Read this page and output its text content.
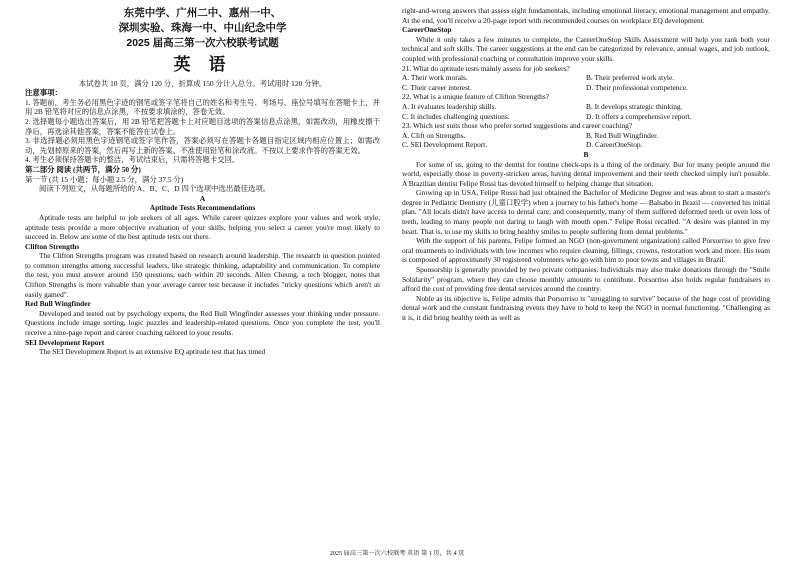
东莞中学、广州二中、惠州一中、
深圳实验、珠海一中、中山纪念中学
2025 届高三第一次六校联考试题
英 语

本试卷共 10 页，满分 120 分，折算成 150 分计入总分。考试用时 120 分钟。

注意事项：

1. 答题前，考生务必用黑色字迹的钢笔或签字笔将自己的姓名和考生号、考场号、座位号填写在答题卡上，并用 2B 铅笔将对应的信息点涂黑，不按要求填涂的，答卷无效。

2. 选择题每小题选出答案后，用 2B 铅笔把答题卡上对应题目选项的答案信息点涂黑，如需改动，用橡皮擦干净后，再选涂其他答案，答案不能答在试卷上。

3. 非选择题必须用黑色字迹钢笔或签字笔作答，答案必须写在答题卡各题目指定区域内相应位置上；如需改动，先划掉原来的答案，然后再写上新的答案，不准使用铅笔和涂改液。不按以上要求作答的答案无效。

4. 考生必须保持答题卡的整洁，考试结束后，只需将答题卡交回。

第二部分 阅读 (共两节，满分 50 分)

第一节 (共 15 小题；每小题 2.5 分，满分 37.5 分)

阅读下列短文，从每题所给的 A、B、C、D 四个选项中选出最佳选项。

A

Aptitude Tests Recommendations

Aptitude tests are helpful to job seekers of all ages. While career quizzes explore your values and work style, aptitude tests provide a more objective evaluation of your skills, helping you select a career you're most likely to succeed in. Below are some of the best aptitude tests out there.

Clifton Strengths

The Clifton Strengths program was created based on research around leadership. The research in question pointed to common strengths among successful leaders, like strategic thinking, adaptability and communication. To complete the test, you must answer around 150 questions, each within 20 seconds. Allen Cheung, a tech blogger, notes that Clifton Strengths is more valuable than your average career test because it includes "tricky questions which aren't as easily gamed".

Red Bull Wingfinder

Developed and tested out by psychology experts, the Red Bull Wingfinder assesses your thinking under pressure. Questions include image sorting, logic puzzles and leadership-related questions. Once you complete the test, you'll receive a nine-page report and career coaching tailored to your results.

SEI Development Report

The SEI Development Report is an extensive EQ aptitude test that has timed

right-and-wrong answers that assess eight fundamentals, including emotional literacy, emotional management and empathy. At the end, you'll receive a 20-page report with recommended courses on workplace EQ development.

CareerOneStop

While it only takes a few minutes to complete, the CareerOneStop Skills Assessment will help you rank both your technical and soft skills. The career suggestions at the end can be categorized by relevance, annual wages, and job outlook, coupled with professional coaching or consultation improve your skills.

21. What do aptitude tests mainly assess for job seekers?

A. Their work morals.	B. Their preferred work style.
C. Their career interest.	D. Their professional competence.

22. What is a unique feature of Clifton Strengths?

A. It evaluates leadership skills.	B. It develops strategic thinking.
C. It includes challenging questions.	D. It offers a comprehensive report.

23. Which test suits those who prefer sorted suggestions and career coaching?

A. Clift on Strengths.	B. Red Bull Wingfinder.
C. SEI Development Report.	D. CareerOneStop.

B

For some of us, going to the dentist for routine check-ups is a thing of the ordinary. But for many people around the world, especially those in poverty-stricken areas, having dental improvement and their teeth checked simply isn't possible. A Brazilian dentist Felipe Rossi has devoted himself to helping change that situation.

Growing up in USA, Felipe Rossi had just obtained the Bachelor of Medicine Degree and was about to start a master's degree in Pediatric Dentistry (儿童口腔学) when a journey to his father's home — Balsabo in Brazil — converted his initial plan. "All locals didn't have access to dental care, and consequently, many of them suffered deformed teeth or even loss of teeth, leading to many people not daring to laugh with mouth open." Felipe Rossi recalled. "A desire was planted in my heart. That is, to use my skills to bring healthy smiles to people suffering from dental problems."

With the support of his parents, Felipe formed an NGO (non-government organization) called Porsorriso to give free oral treatments to individuals with low incomes who require cleaning, fillings, crowns, restoration work and more. His team is composed of approximately 30 registered volunteers who go with him to poor towns and villages in Brazil.

Sponsorship is generally provided by two private companies. Individuals may also make donations through the "Smile Solidarity" program, where they can choose monthly amounts to contribute. Porsorriso also holds regular fundraisers to afford the cost of providing free dental services around the country.

Noble as its objective is, Felipe admits that Porsorriso is "struggling to survive" because of the huge cost of providing dental work and the constant fundraising events they have to hold to keep the NGO in normal functioning. "Challenging as it is, it did bring healthy teeth as well as

2025 届高三第一次六校联考 英语 第 1 页，共 4 页
